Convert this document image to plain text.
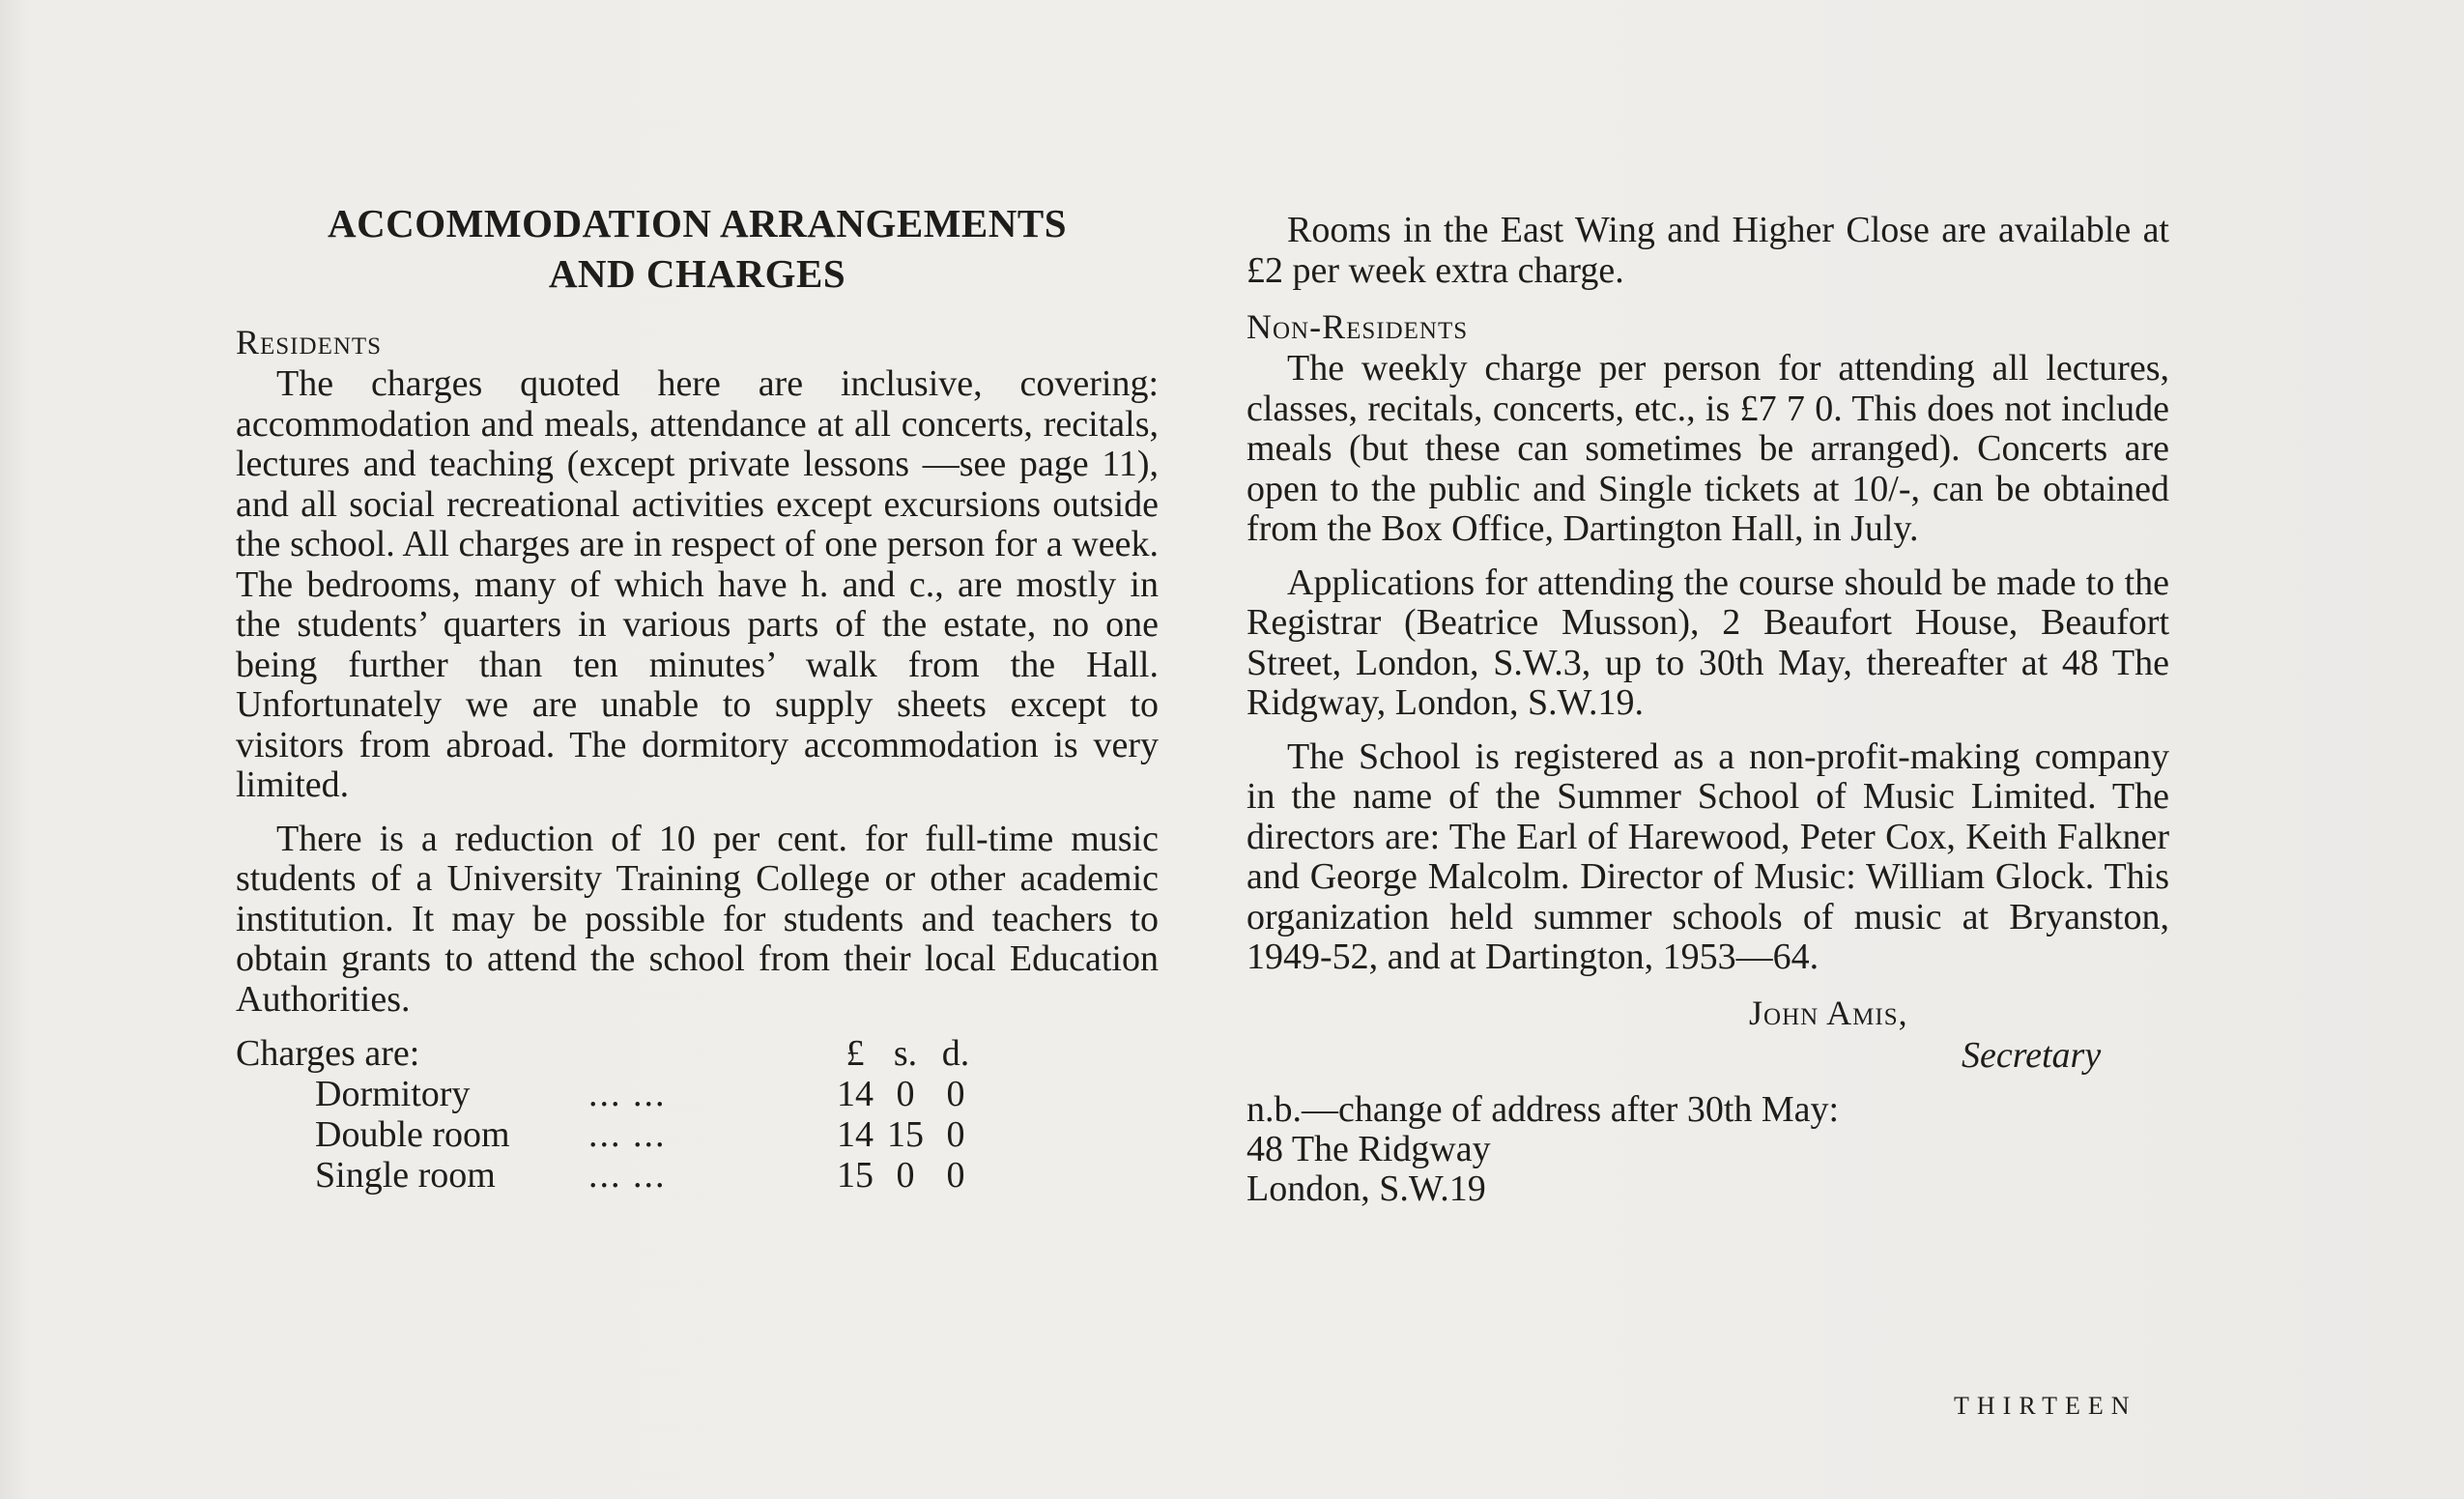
ACCOMMODATION ARRANGEMENTS
AND CHARGES

Residents

The charges quoted here are inclusive, covering: accommodation and meals, attendance at all concerts, recitals, lectures and teaching (except private lessons —see page 11), and all social recreational activities except excursions outside the school. All charges are in respect of one person for a week. The bedrooms, many of which have h. and c., are mostly in the students’ quarters in various parts of the estate, no one being further than ten minutes’ walk from the Hall. Unfortunately we are unable to supply sheets except to visitors from abroad. The dormitory accommodation is very limited.

There is a reduction of 10 per cent. for full-time music students of a University Training College or other academic institution. It may be possible for students and teachers to obtain grants to attend the school from their local Education Authorities.

Charges are:	£ s. d.
Dormitory	... ...	14 0 0
Double room	... ...	14 15 0
Single room	... ...	15 0 0

Rooms in the East Wing and Higher Close are available at £2 per week extra charge.

Non-Residents

The weekly charge per person for attending all lectures, classes, recitals, concerts, etc., is £7 7 0. This does not include meals (but these can sometimes be arranged). Concerts are open to the public and Single tickets at 10/-, can be obtained from the Box Office, Dartington Hall, in July.

Applications for attending the course should be made to the Registrar (Beatrice Musson), 2 Beaufort House, Beaufort Street, London, S.W.3, up to 30th May, thereafter at 48 The Ridgway, London, S.W.19.

The School is registered as a non-profit-making company in the name of the Summer School of Music Limited. The directors are: The Earl of Harewood, Peter Cox, Keith Falkner and George Malcolm. Director of Music: William Glock. This organization held summer schools of music at Bryanston, 1949-52, and at Dartington, 1953—64.

John Amis,
Secretary

n.b.—change of address after 30th May:

48 The Ridgway

London, S.W.19

THIRTEEN
